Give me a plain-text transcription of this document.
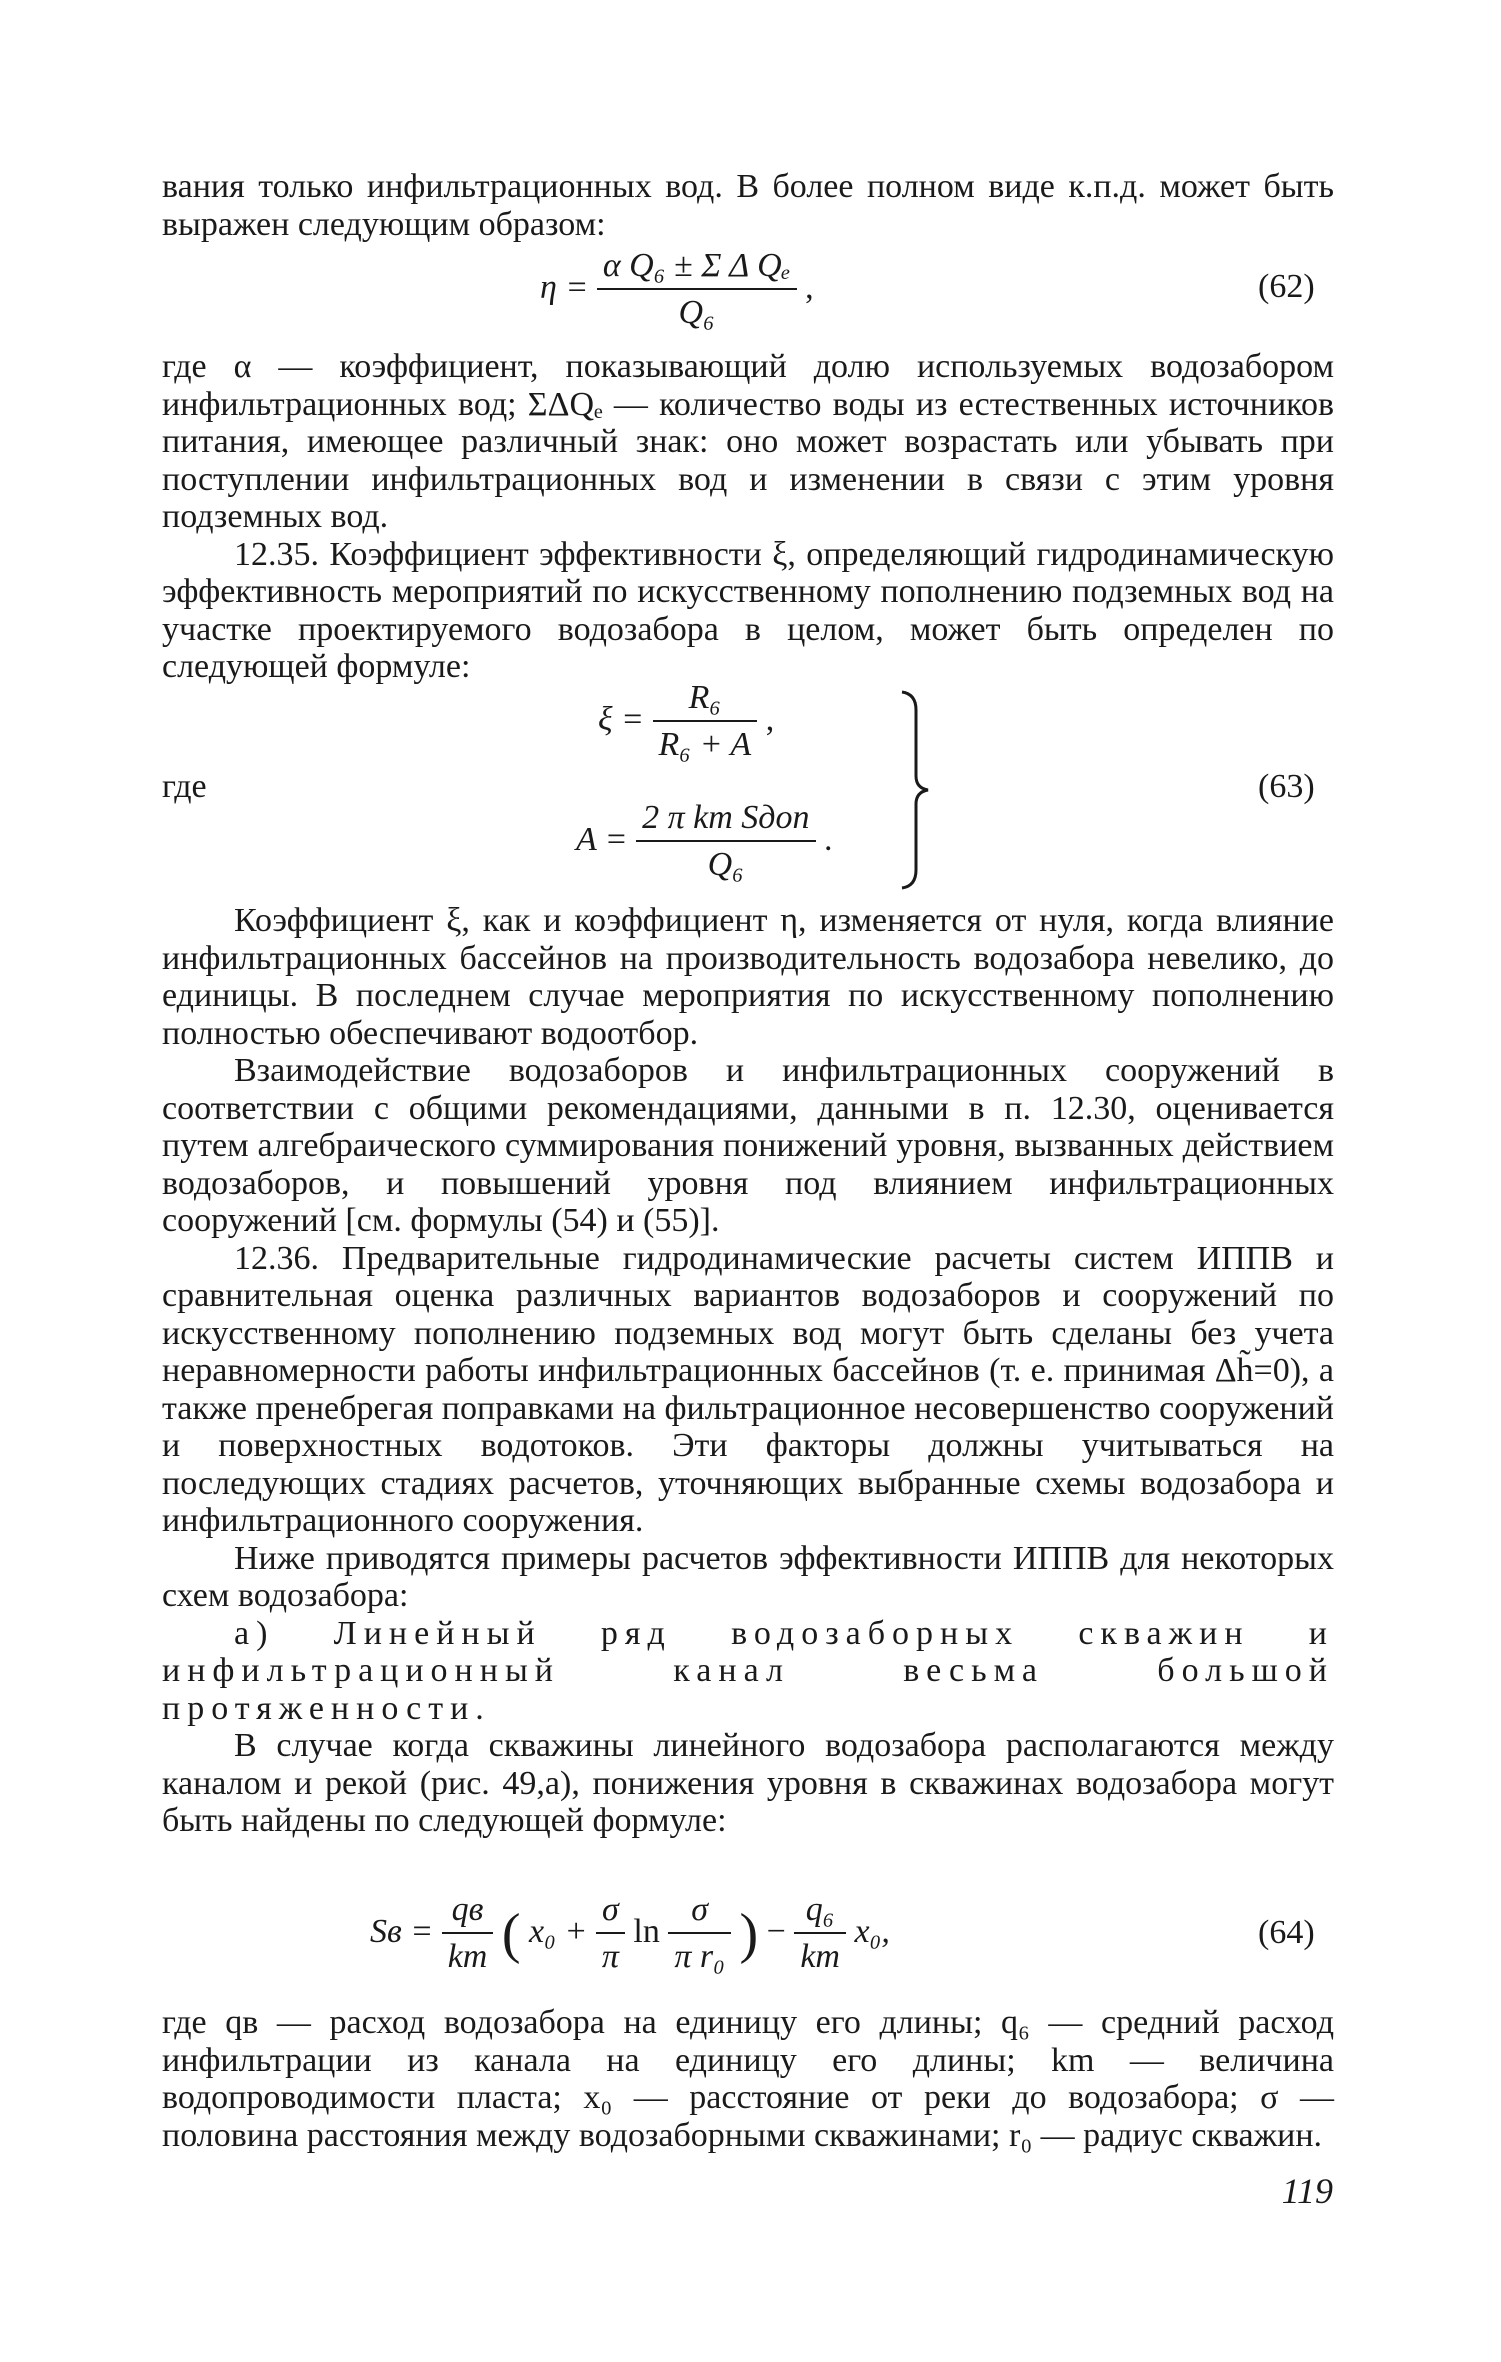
вания только инфильтрационных вод. В более полном виде к.п.д. может быть выражен следующим образом:

$\eta = \frac{\text{α Q₆ ± Σ Δ Qₑ}}{\text{Q₆}}$ ,	(62)

где α — коэффициент, показывающий долю используемых водозабором инфильтрационных вод; ΣΔQₑ — количество воды из естественных источников питания, имеющее различный знак: оно может возрастать или убывать при поступлении инфильтрационных вод и изменении в связи с этим уровня подземных вод.

12.35. Коэффициент эффективности ξ, определяющий гидродинамическую эффективность мероприятий по искусственному пополнению подземных вод на участке проектируемого водозабора в целом, может быть определен по следующей формуле:

где
$\xi = \frac{\text{R₆}}{\text{R₆ + A}}$ ,
$A = \frac{\text{2 π km Sдоп}}{\text{Q₆}}$ .
(63)

Коэффициент ξ, как и коэффициент η, изменяется от нуля, когда влияние инфильтрационных бассейнов на производительность водозабора невелико, до единицы. В последнем случае мероприятия по искусственному пополнению полностью обеспечивают водоотбор.

Взаимодействие водозаборов и инфильтрационных сооружений в соответствии с общими рекомендациями, данными в п. 12.30, оценивается путем алгебраического суммирования понижений уровня, вызванных действием водозаборов, и повышений уровня под влиянием инфильтрационных сооружений [см. формулы (54) и (55)].

12.36. Предварительные гидродинамические расчеты систем ИППВ и сравнительная оценка различных вариантов водозаборов и сооружений по искусственному пополнению подземных вод могут быть сделаны без учета неравномерности работы инфильтрационных бассейнов (т. е. принимая Δh̃=0), а также пренебрегая поправками на фильтрационное несовершенство сооружений и поверхностных водотоков. Эти факторы должны учитываться на последующих стадиях расчетов, уточняющих выбранные схемы водозабора и инфильтрационного сооружения.

Ниже приводятся примеры расчетов эффективности ИППВ для некоторых схем водозабора:

а) Линейный ряд водозаборных скважин и инфильтрационный канал весьма большой протяженности.

В случае когда скважины линейного водозабора располагаются между каналом и рекой (рис. 49,а), понижения уровня в скважинах водозабора могут быть найдены по следующей формуле:

Sв = $\frac{qв}{km}$ ( $x_0 + \frac{\sigma}{\pi}$ $\ln \frac{\sigma}{\text{π r₀}}$ ) − $\frac{\text{q₆}}{km} x_0$,	(64)

где qв — расход водозабора на единицу его длины; q₆ — средний расход инфильтрации из канала на единицу его длины; km — величина водопроводимости пласта; x₀ — расстояние от реки до водозабора; σ — половина расстояния между водозаборными скважинами; r₀ — радиус скважин.

119
